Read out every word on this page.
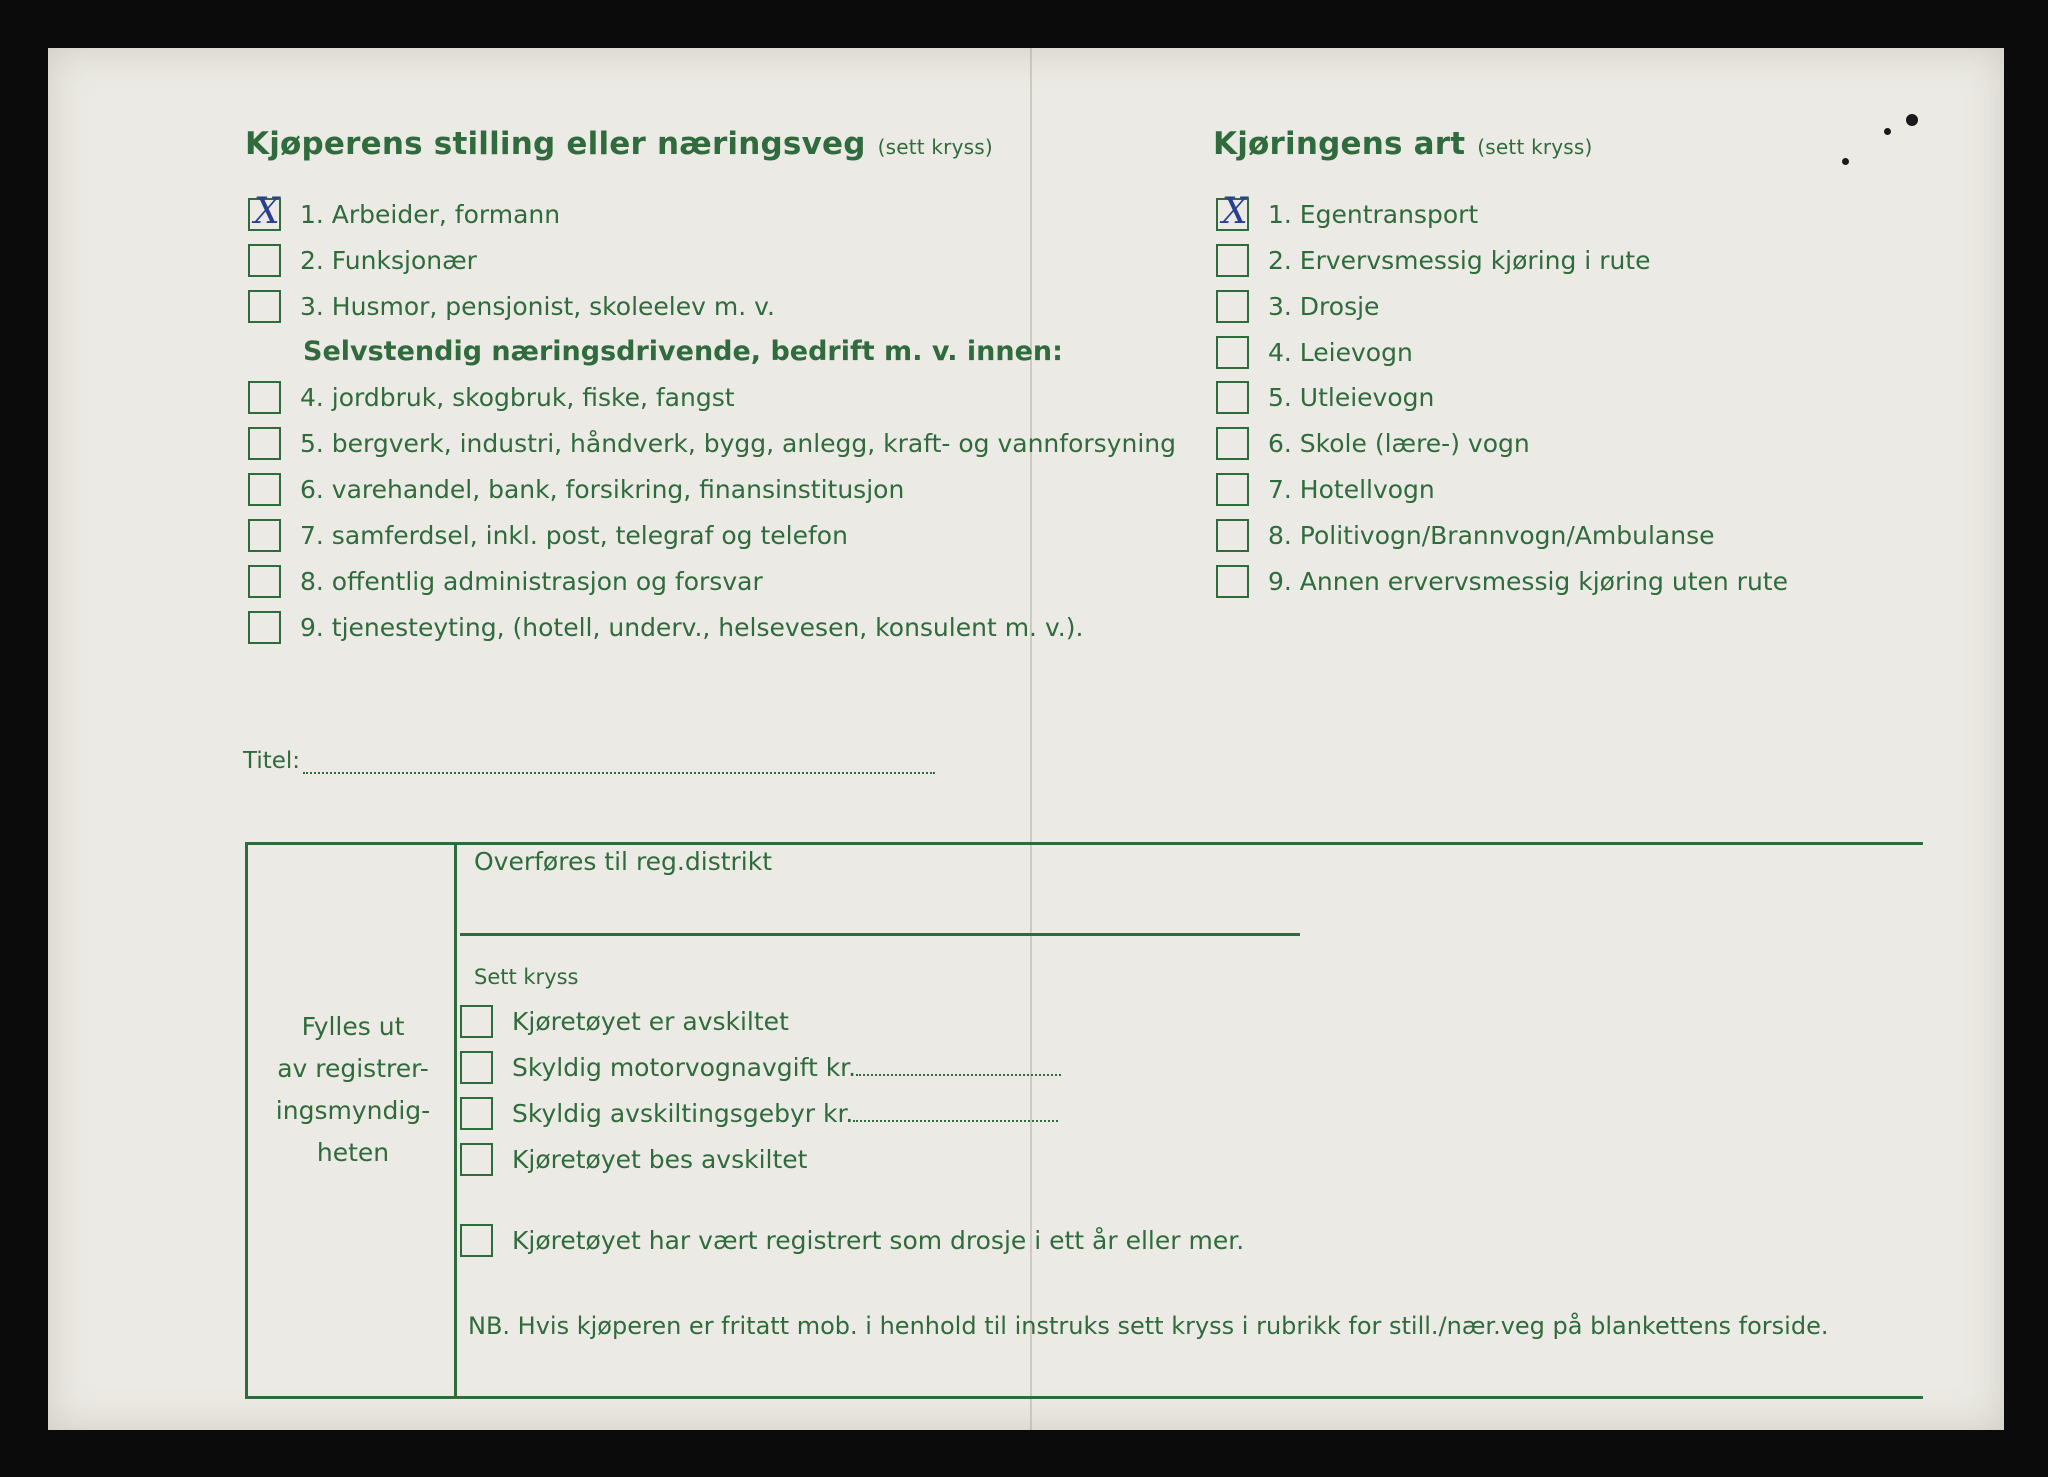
Kjøperens stilling eller næringsveg (sett kryss)
X 1. Arbeider, formann
2. Funksjonær
3. Husmor, pensjonist, skoleelev m. v.
Selvstendig næringsdrivende, bedrift m. v. innen:
4. jordbruk, skogbruk, fiske, fangst
5. bergverk, industri, håndverk, bygg, anlegg, kraft- og vannforsyning
6. varehandel, bank, forsikring, finansinstitusjon
7. samferdsel, inkl. post, telegraf og telefon
8. offentlig administrasjon og forsvar
9. tjenesteyting, (hotell, underv., helsevesen, konsulent m. v.).
Titel:
Kjøringens art (sett kryss)
X 1. Egentransport
2. Ervervsmessig kjøring i rute
3. Drosje
4. Leievogn
5. Utleievogn
6. Skole (lære-) vogn
7. Hotellvogn
8. Politivogn/Brannvogn/Ambulanse
9. Annen ervervsmessig kjøring uten rute
Fylles ut
av registrer-
ingsmyndig-
heten
Overføres til reg.distrikt
Sett kryss
Kjøretøyet er avskiltet
Skyldig motorvognavgift kr.
Skyldig avskiltingsgebyr kr.
Kjøretøyet bes avskiltet
Kjøretøyet har vært registrert som drosje i ett år eller mer.
NB. Hvis kjøperen er fritatt mob. i henhold til instruks sett kryss i rubrikk for still./nær.veg på blankettens forside.
